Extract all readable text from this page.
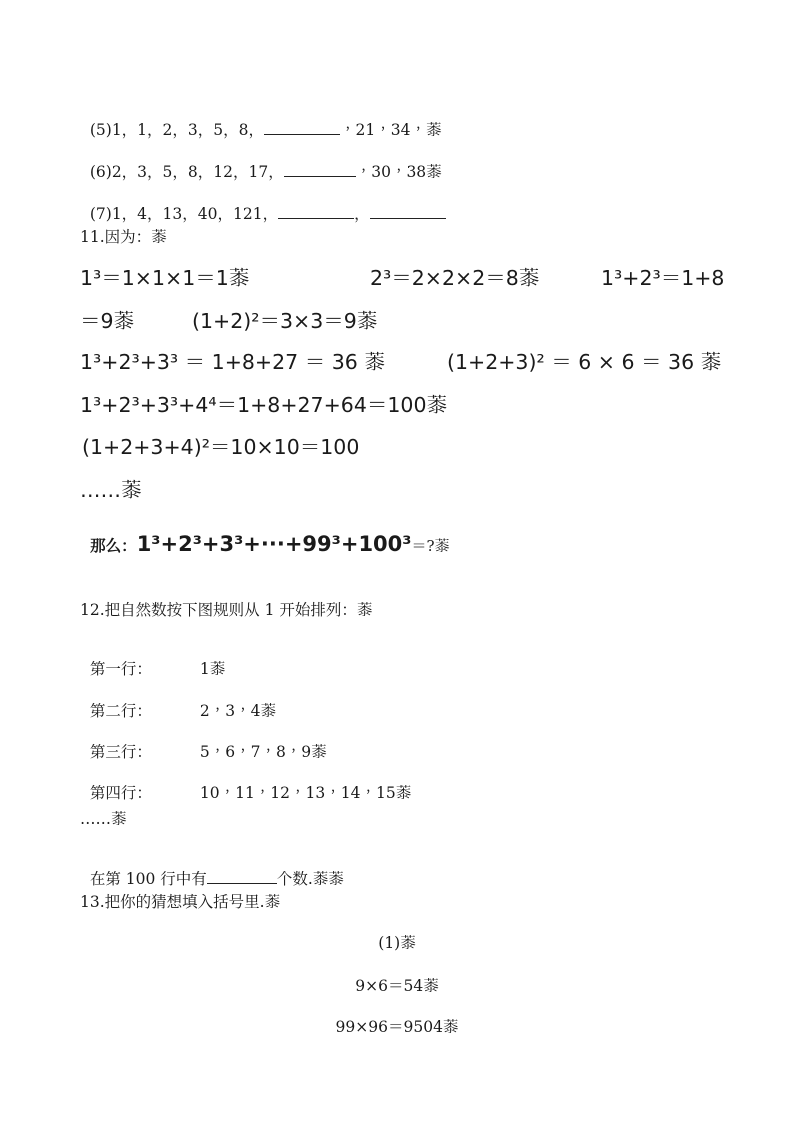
(5)1，1，2，3，5，8，	，21，34，𦸓

(6)2，3，5，8，12，17，	，30，38𦸓

(7)1，4，13，40，121，	，

11.因为：𦸓
1³＝1×1×1＝1𦸓	2³＝2×2×2＝8𦸓	1³+2³＝1+8
＝9𦸓	(1+2)²＝3×3＝9𦸓
1³+2³+3³ ＝ 1+8+27 ＝ 36 𦸓	(1+2+3)² ＝ 6 × 6 ＝ 36 𦸓
1³+2³+3³+4⁴＝1+8+27+64＝100𦸓
(1+2+3+4)²＝10×10＝100
……𦸓

那么：1³+2³+3³+···+99³+100³＝?𦸓

12.把自然数按下图规则从 1 开始排列：𦸓

第一行：	1𦸓

第二行：	2，3，4𦸓

第三行：	5，6，7，8，9𦸓

第四行：	10，11，12，13，14，15𦸓

……𦸓

在第 100 行中有	个数.𦸓𦸓

13.把你的猜想填入括号里.𦸓
(1)𦸓
9×6＝54𦸓
99×96＝9504𦸓
